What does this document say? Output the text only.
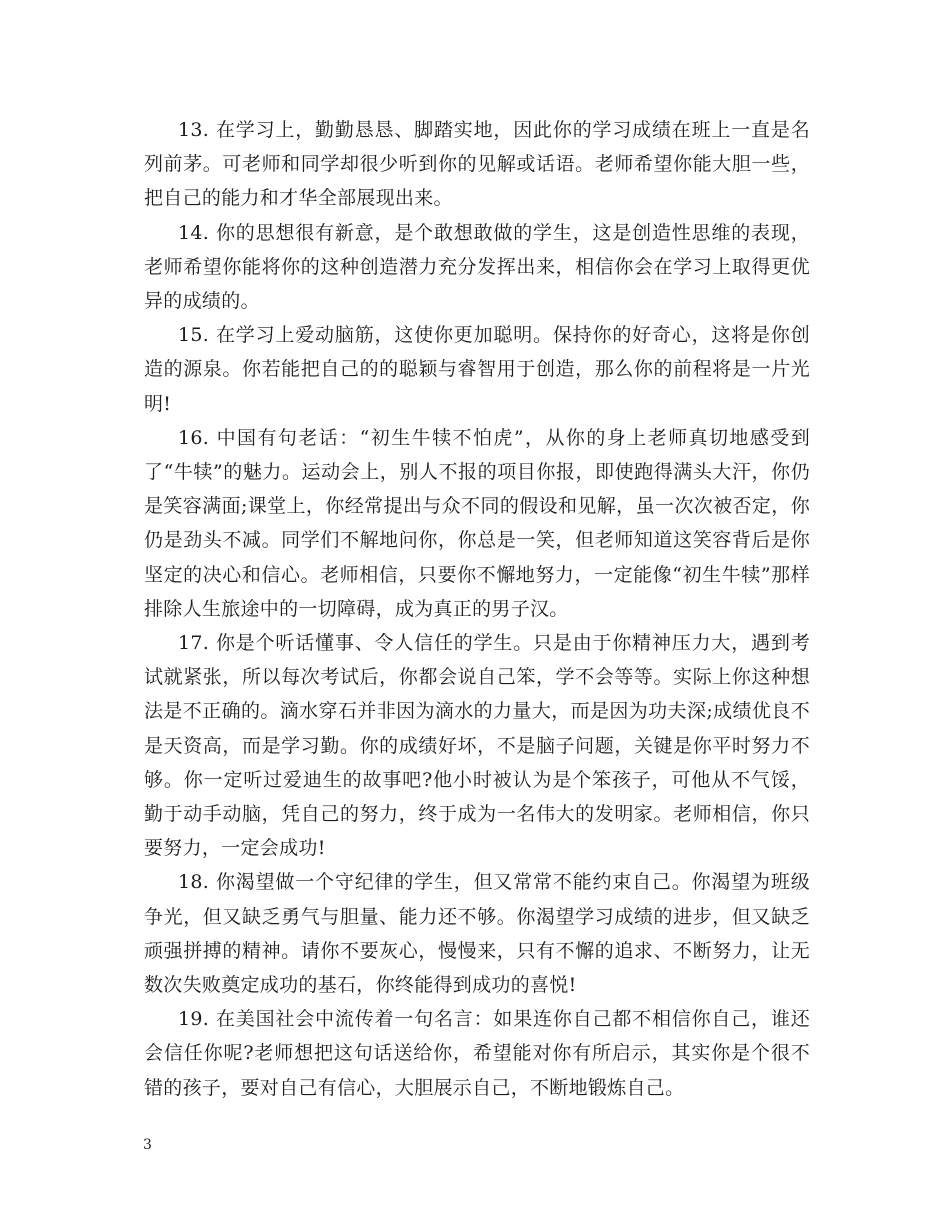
13. 在学习上，勤勤恳恳、脚踏实地，因此你的学习成绩在班上一直是名列前茅。可老师和同学却很少听到你的见解或话语。老师希望你能大胆一些，把自己的能力和才华全部展现出来。

14. 你的思想很有新意，是个敢想敢做的学生，这是创造性思维的表现，老师希望你能将你的这种创造潜力充分发挥出来，相信你会在学习上取得更优异的成绩的。

15. 在学习上爱动脑筋，这使你更加聪明。保持你的好奇心，这将是你创造的源泉。你若能把自己的的聪颖与睿智用于创造，那么你的前程将是一片光明!

16. 中国有句老话：“初生牛犊不怕虎”，从你的身上老师真切地感受到了“牛犊”的魅力。运动会上，别人不报的项目你报，即使跑得满头大汗，你仍是笑容满面;课堂上，你经常提出与众不同的假设和见解，虽一次次被否定，你仍是劲头不减。同学们不解地问你，你总是一笑，但老师知道这笑容背后是你坚定的决心和信心。老师相信，只要你不懈地努力，一定能像“初生牛犊”那样排除人生旅途中的一切障碍，成为真正的男子汉。

17. 你是个听话懂事、令人信任的学生。只是由于你精神压力大，遇到考试就紧张，所以每次考试后，你都会说自己笨，学不会等等。实际上你这种想法是不正确的。滴水穿石并非因为滴水的力量大，而是因为功夫深;成绩优良不是天资高，而是学习勤。你的成绩好坏，不是脑子问题，关键是你平时努力不够。你一定听过爱迪生的故事吧?他小时被认为是个笨孩子，可他从不气馁，勤于动手动脑，凭自己的努力，终于成为一名伟大的发明家。老师相信，你只要努力，一定会成功!

18. 你渴望做一个守纪律的学生，但又常常不能约束自己。你渴望为班级争光，但又缺乏勇气与胆量、能力还不够。你渴望学习成绩的进步，但又缺乏顽强拼搏的精神。请你不要灰心，慢慢来，只有不懈的追求、不断努力，让无数次失败奠定成功的基石，你终能得到成功的喜悦!

19. 在美国社会中流传着一句名言：如果连你自己都不相信你自己，谁还会信任你呢?老师想把这句话送给你，希望能对你有所启示，其实你是个很不错的孩子，要对自己有信心，大胆展示自己，不断地锻炼自己。

3
